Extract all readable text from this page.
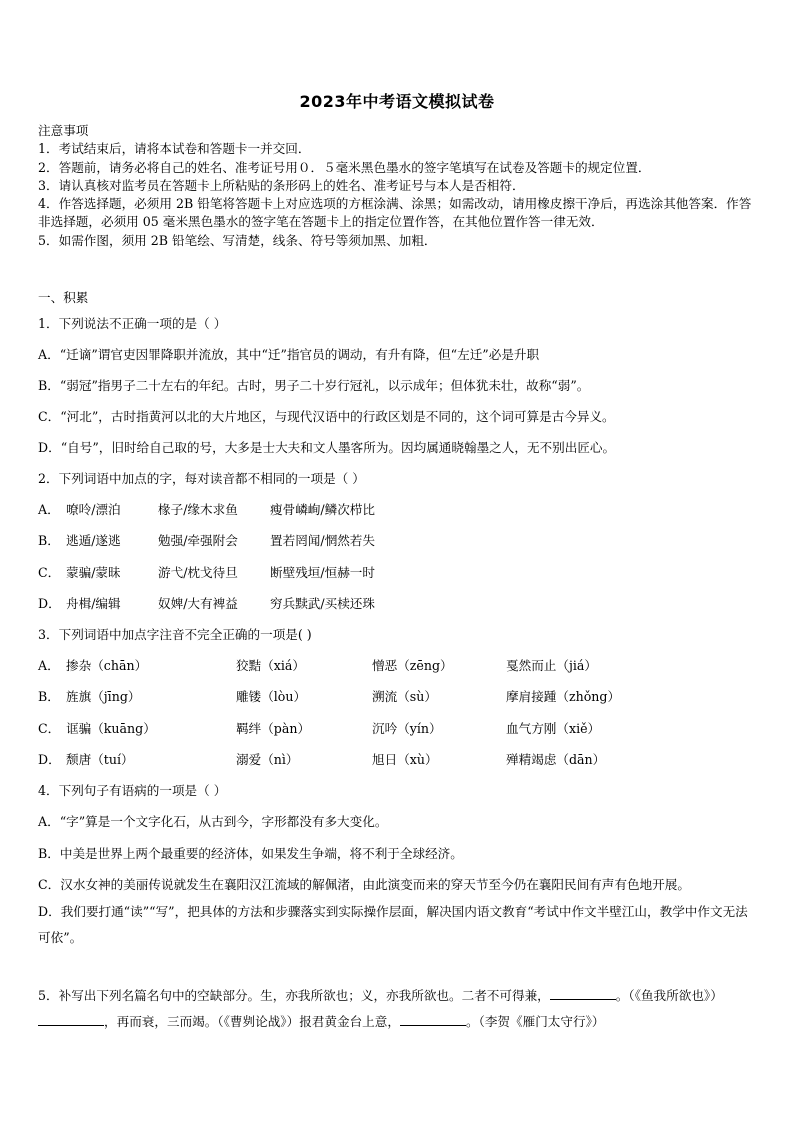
2023年中考语文模拟试卷

注意事项

1．考试结束后，请将本试卷和答题卡一并交回．

2．答题前，请务必将自己的姓名、准考证号用０．５毫米黑色墨水的签字笔填写在试卷及答题卡的规定位置．

3．请认真核对监考员在答题卡上所粘贴的条形码上的姓名、准考证号与本人是否相符．

4．作答选择题，必须用 2B 铅笔将答题卡上对应选项的方框涂满、涂黑；如需改动，请用橡皮擦干净后，再选涂其他答案．作答非选择题，必须用 05 毫米黑色墨水的签字笔在答题卡上的指定位置作答，在其他位置作答一律无效．

5．如需作图，须用 2B 铅笔绘、写清楚，线条、符号等须加黑、加粗．

一、积累
1．下列说法不正确一项的是（ ）
A．“迁谪”谓官吏因罪降职并流放，其中“迁”指官员的调动，有升有降，但“左迁”必是升职
B．“弱冠”指男子二十左右的年纪。古时，男子二十岁行冠礼，以示成年；但体犹未壮，故称“弱”。
C．“河北”，古时指黄河以北的大片地区，与现代汉语中的行政区划是不同的，这个词可算是古今异义。
D．“自号”，旧时给自己取的号，大多是士大夫和文人墨客所为。因均属通晓翰墨之人，无不别出匠心。
2．下列词语中加点的字，每对读音都不相同的一项是（ ）
A． 嘹呤/漂泊	椽子/缘木求鱼	瘦骨嶙峋/鳞次栉比
B． 逃遁/遂逃	勉强/牵强附会	置若罔闻/惘然若失
C． 蒙骗/蒙昧	游弋/枕戈待旦	断壁残垣/恒赫一时
D． 舟楫/编辑	奴婢/大有裨益	穷兵黩武/买椟还珠
3．下列词语中加点字注音不完全正确的一项是( )
A． 掺杂（chān）	狡黠（xiá）	憎恶（zēng）	戛然而止（jiá）
B． 旌旗（jīng）	雕镂（lòu）	溯流（sù）	摩肩接踵（zhǒng）
C． 诓骗（kuāng）	羁绊（pàn）	沉吟（yín）	血气方刚（xiě）
D． 颓唐（tuí）	溺爱（nì）	旭日（xù）	殚精竭虑（dān）
4．下列句子有语病的一项是（ ）
A．“字”算是一个文字化石，从古到今，字形都没有多大变化。
B．中美是世界上两个最重要的经济体，如果发生争端，将不利于全球经济。
C．汉水女神的美丽传说就发生在襄阳汉江流域的解佩渚，由此演变而来的穿天节至今仍在襄阳民间有声有色地开展。
D．我们要打通“读”“写”，把具体的方法和步骤落实到实际操作层面，解决国内语文教育“考试中作文半壁江山，教学中作文无法可依”。
5．补写出下列名篇名句中的空缺部分。生，亦我所欲也；义，亦我所欲也。二者不可得兼，	。（《鱼我所欲也》），再而衰，三而竭。（《曹刿论战》）报君黄金台上意，	。（李贺《雁门太守行》）
